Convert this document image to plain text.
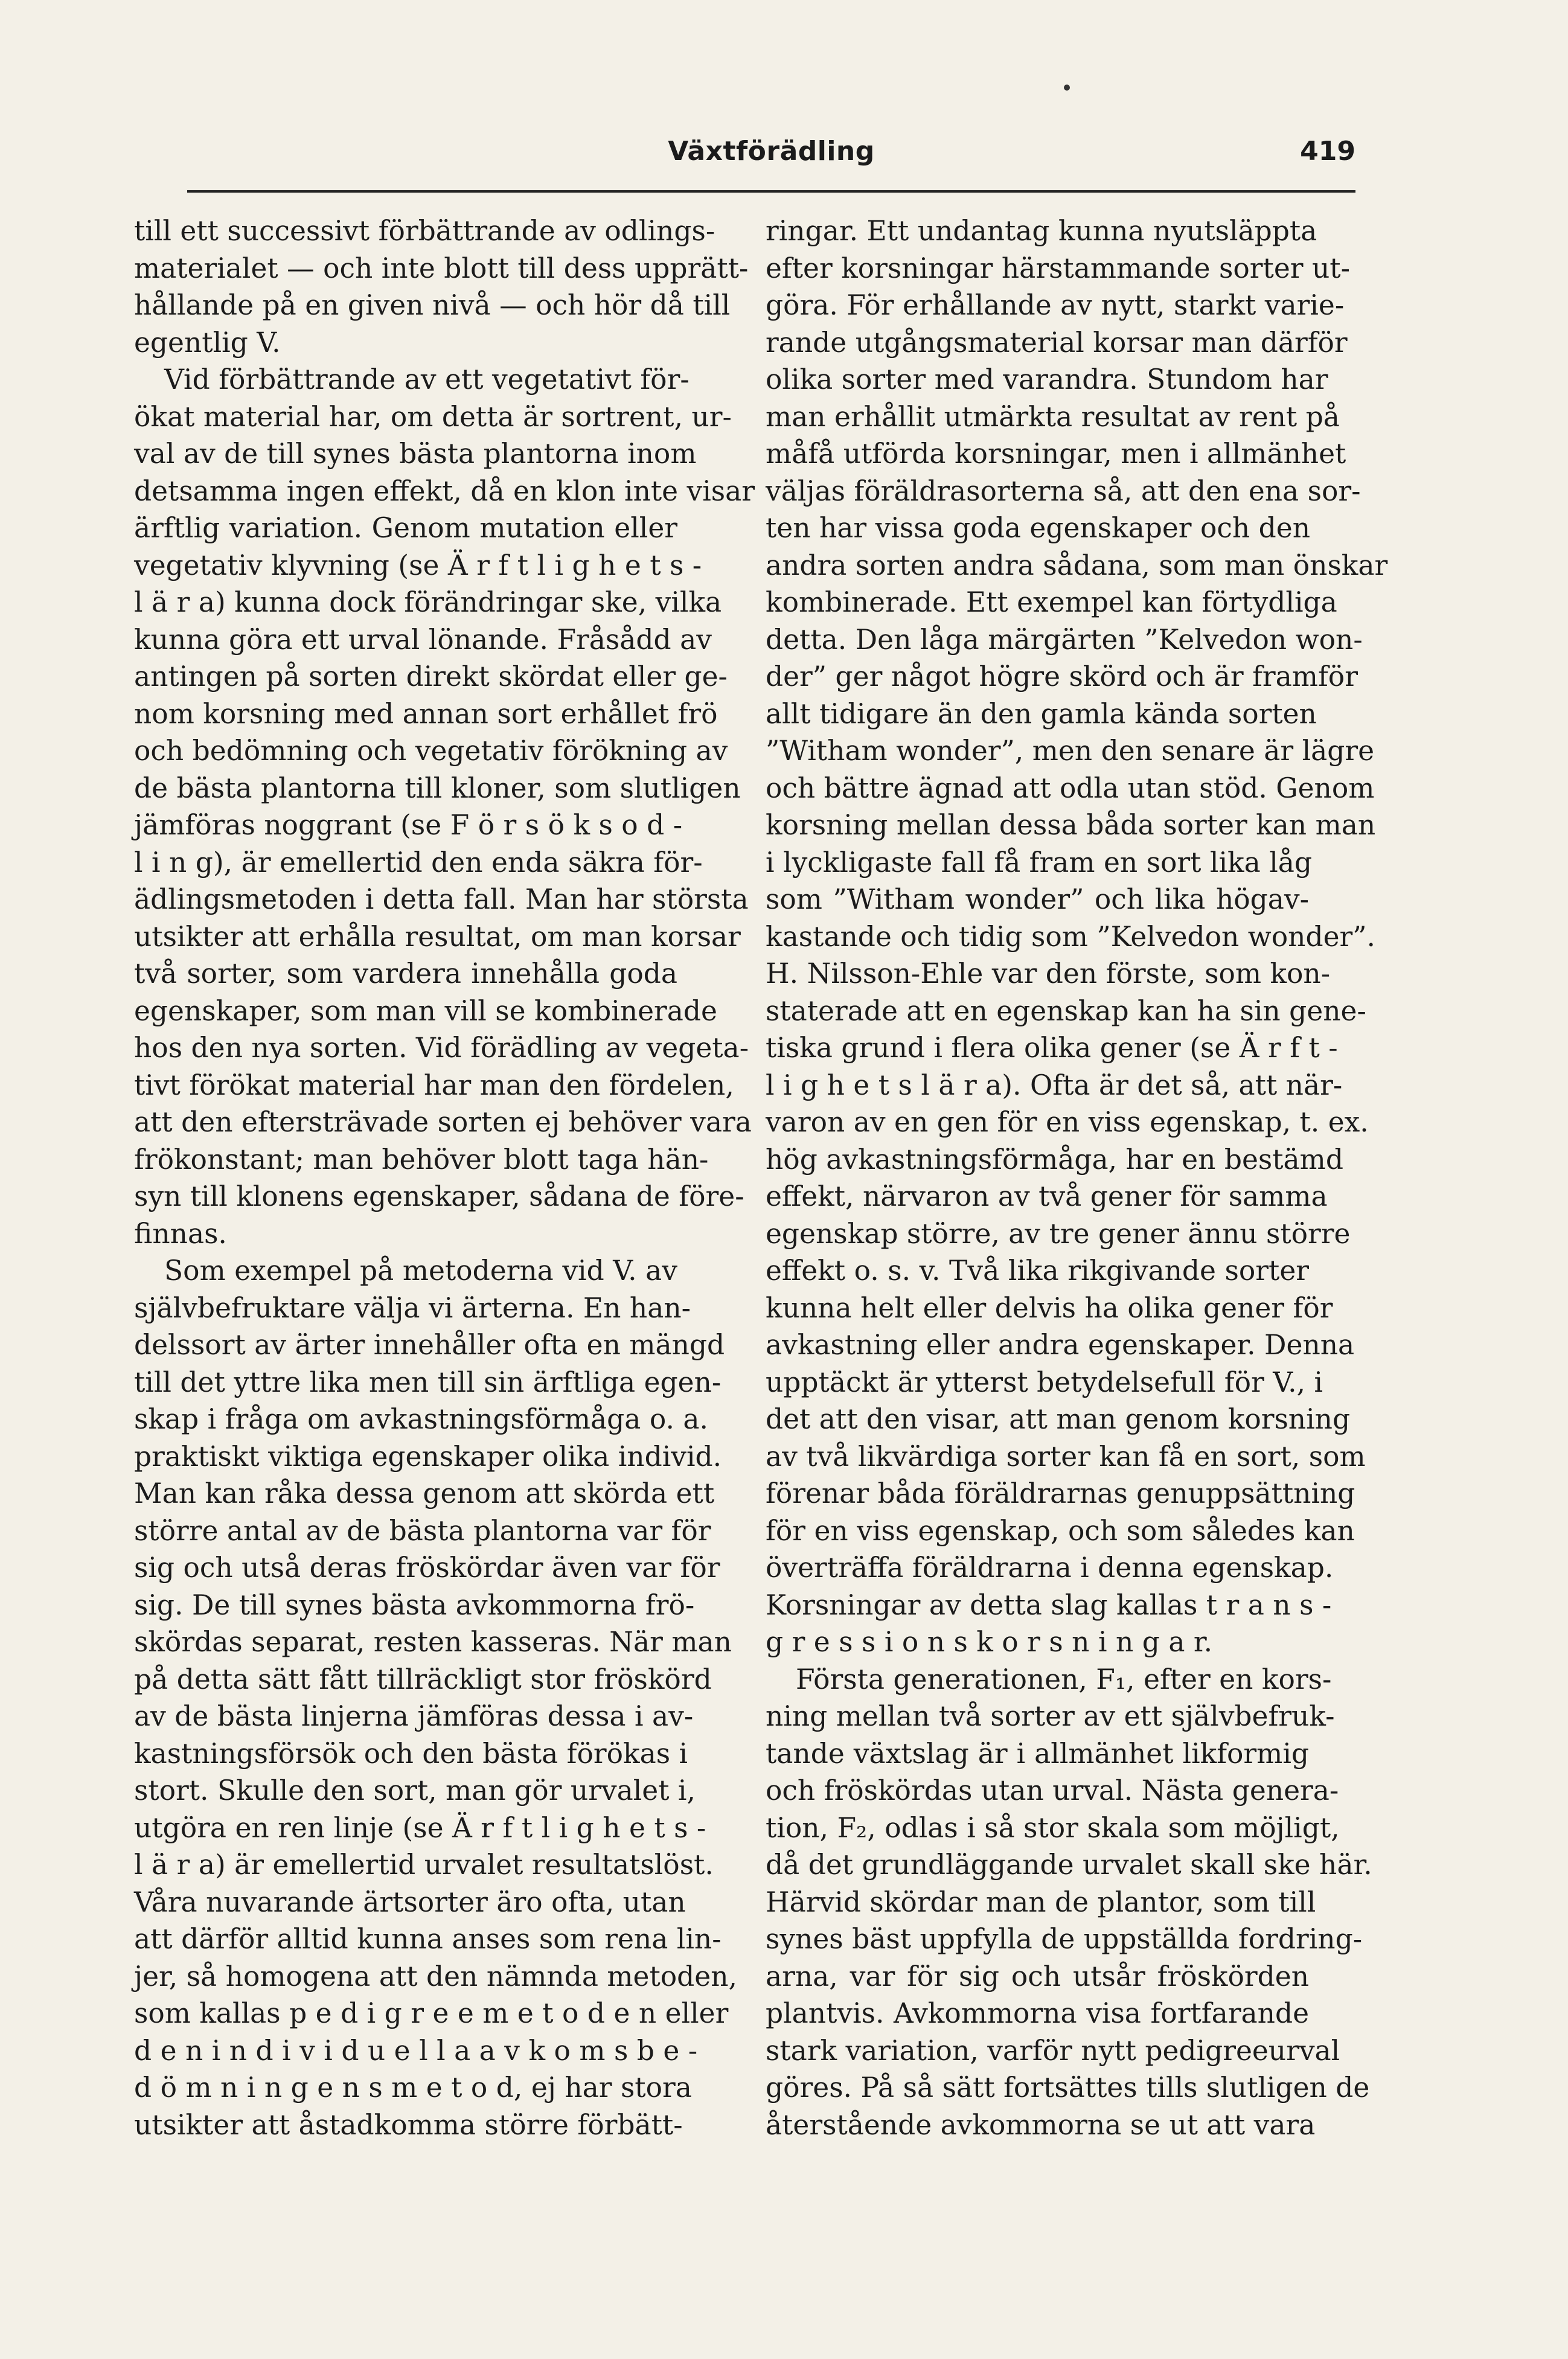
Växtförädling	419
till ett successivt förbättrande av odlings-
materialet — och inte blott till dess upprätt-
hållande på en given nivå — och hör då till
egentlig V.
Vid förbättrande av ett vegetativt för-
ökat material har, om detta är sortrent, ur-
val av de till synes bästa plantorna inom
detsamma ingen effekt, då en klon inte visar
ärftlig variation. Genom mutation eller
vegetativ klyvning (se Ä r f t l i g h e t s -
l ä r a) kunna dock förändringar ske, vilka
kunna göra ett urval lönande. Fråsådd av
antingen på sorten direkt skördat eller ge-
nom korsning med annan sort erhållet frö
och bedömning och vegetativ förökning av
de bästa plantorna till kloner, som slutligen
jämföras noggrant (se F ö r s ö k s o d -
l i n g), är emellertid den enda säkra för-
ädlingsmetoden i detta fall. Man har största
utsikter att erhålla resultat, om man korsar
två sorter, som vardera innehålla goda
egenskaper, som man vill se kombinerade
hos den nya sorten. Vid förädling av vegeta-
tivt förökat material har man den fördelen,
att den eftersträvade sorten ej behöver vara
frökonstant; man behöver blott taga hän-
syn till klonens egenskaper, sådana de före-
finnas.
Som exempel på metoderna vid V. av
självbefruktare välja vi ärterna. En han-
delssort av ärter innehåller ofta en mängd
till det yttre lika men till sin ärftliga egen-
skap i fråga om avkastningsförmåga o. a.
praktiskt viktiga egenskaper olika individ.
Man kan råka dessa genom att skörda ett
större antal av de bästa plantorna var för
sig och utså deras fröskördar även var för
sig. De till synes bästa avkommorna frö-
skördas separat, resten kasseras. När man
på detta sätt fått tillräckligt stor fröskörd
av de bästa linjerna jämföras dessa i av-
kastningsförsök och den bästa förökas i
stort. Skulle den sort, man gör urvalet i,
utgöra en ren linje (se Ä r f t l i g h e t s -
l ä r a) är emellertid urvalet resultatslöst.
Våra nuvarande ärtsorter äro ofta, utan
att därför alltid kunna anses som rena lin-
jer, så homogena att den nämnda metoden,
som kallas p e d i g r e e m e t o d e n eller
d e n i n d i v i d u e l l a a v k o m s b e -
d ö m n i n g e n s m e t o d, ej har stora
utsikter att åstadkomma större förbätt-
ringar. Ett undantag kunna nyutsläppta
efter korsningar härstammande sorter ut-
göra. För erhållande av nytt, starkt varie-
rande utgångsmaterial korsar man därför
olika sorter med varandra. Stundom har
man erhållit utmärkta resultat av rent på
måfå utförda korsningar, men i allmänhet
väljas föräldrasorterna så, att den ena sor-
ten har vissa goda egenskaper och den
andra sorten andra sådana, som man önskar
kombinerade. Ett exempel kan förtydliga
detta. Den låga märgärten ”Kelvedon won-
der” ger något högre skörd och är framför
allt tidigare än den gamla kända sorten
”Witham wonder”, men den senare är lägre
och bättre ägnad att odla utan stöd. Genom
korsning mellan dessa båda sorter kan man
i lyckligaste fall få fram en sort lika låg
som ”Witham wonder” och lika högav-
kastande och tidig som ”Kelvedon wonder”.
H. Nilsson-Ehle var den förste, som kon-
staterade att en egenskap kan ha sin gene-
tiska grund i flera olika gener (se Ä r f t -
l i g h e t s l ä r a). Ofta är det så, att när-
varon av en gen för en viss egenskap, t. ex.
hög avkastningsförmåga, har en bestämd
effekt, närvaron av två gener för samma
egenskap större, av tre gener ännu större
effekt o. s. v. Två lika rikgivande sorter
kunna helt eller delvis ha olika gener för
avkastning eller andra egenskaper. Denna
upptäckt är ytterst betydelsefull för V., i
det att den visar, att man genom korsning
av två likvärdiga sorter kan få en sort, som
förenar båda föräldrarnas genuppsättning
för en viss egenskap, och som således kan
överträffa föräldrarna i denna egenskap.
Korsningar av detta slag kallas t r a n s -
g r e s s i o n s k o r s n i n g a r.
Första generationen, F₁, efter en kors-
ning mellan två sorter av ett självbefruk-
tande växtslag är i allmänhet likformig
och fröskördas utan urval. Nästa genera-
tion, F₂, odlas i så stor skala som möjligt,
då det grundläggande urvalet skall ske här.
Härvid skördar man de plantor, som till
synes bäst uppfylla de uppställda fordring-
arna, var för sig och utsår fröskörden
plantvis. Avkommorna visa fortfarande
stark variation, varför nytt pedigreeurval
göres. På så sätt fortsättes tills slutligen de
återstående avkommorna se ut att vara
